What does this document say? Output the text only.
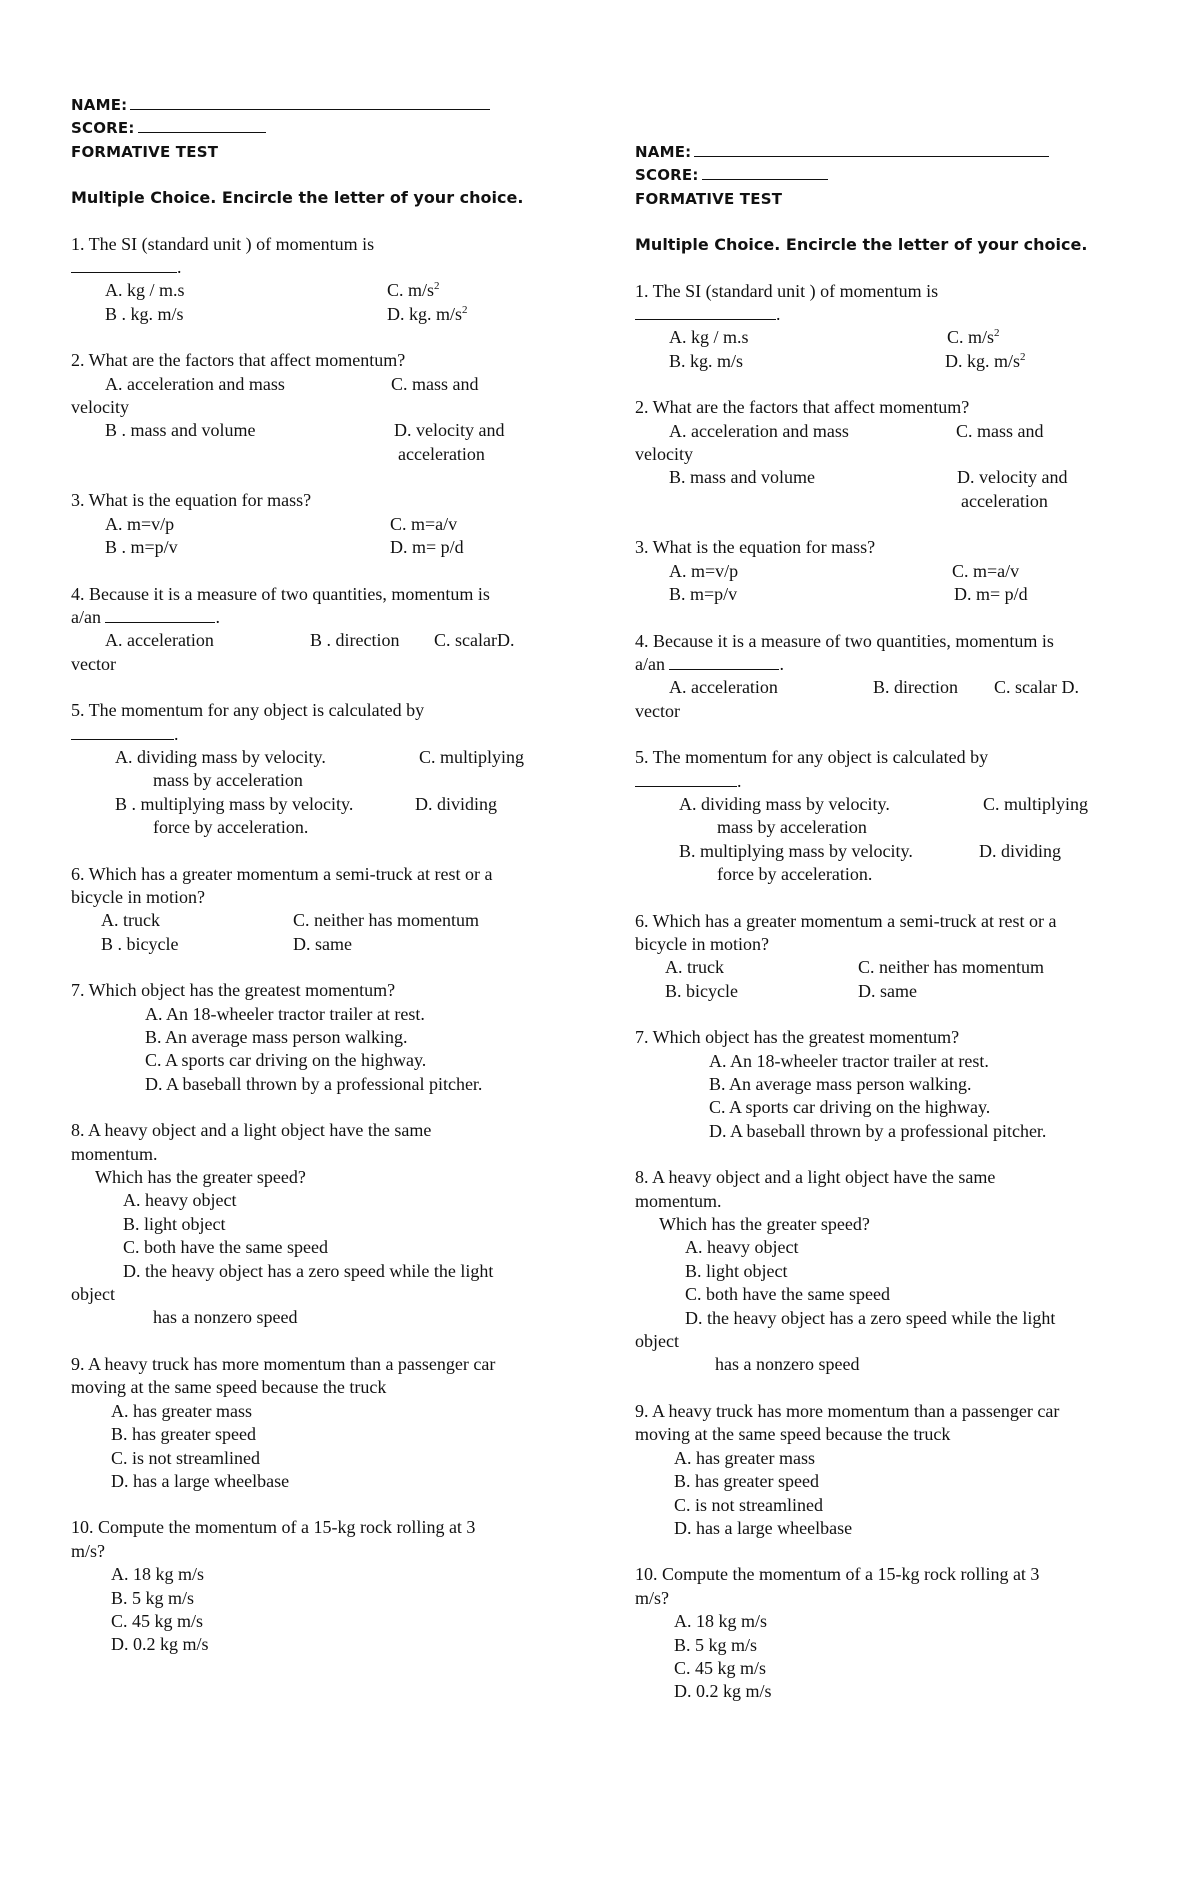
NAME:
SCORE:
FORMATIVE TEST
Multiple Choice. Encircle the letter of your choice.

1. The SI (standard unit ) of momentum is

.

A. kg / m.s	C. $m/s^2$
B . kg. m/s	D. kg. $m/s^2$

2. What are the factors that affect momentum?

A. acceleration and mass	C. mass and

velocity

B . mass and volume	D. velocity and

acceleration

3. What is the equation for mass?

A. m=v/p	C. m=a/v
B . m=p/v	D. m= p/d

4. Because it is a measure of two quantities, momentum is

a/an	.

A. acceleration	B . direction	C. scalarD.

vector

5. The momentum for any object is calculated by

.

A. dividing mass by velocity.	C. multiplying

mass by acceleration

B . multiplying mass by velocity.	D. dividing

force by acceleration.

6. Which has a greater momentum a semi-truck at rest or a

bicycle in motion?

A. truck	C. neither has momentum
B . bicycle	D. same

7. Which object has the greatest momentum?

A. An 18-wheeler tractor trailer at rest.

B. An average mass person walking.

C. A sports car driving on the highway.

D. A baseball thrown by a professional pitcher.

8. A heavy object and a light object have the same

momentum.

Which has the greater speed?

A. heavy object

B. light object

C. both have the same speed

D. the heavy object has a zero speed while the light

object

has a nonzero speed

9. A heavy truck has more momentum than a passenger car

moving at the same speed because the truck

A. has greater mass

B. has greater speed

C. is not streamlined

D. has a large wheelbase

10. Compute the momentum of a 15-kg rock rolling at 3

m/s?

A. 18 kg m/s

B. 5 kg m/s

C. 45 kg m/s

D. 0.2 kg m/s

NAME:
SCORE:
FORMATIVE TEST
Multiple Choice. Encircle the letter of your choice.

1. The SI (standard unit ) of momentum is

.

A. kg / m.s	C. $m/s^2$
B. kg. m/s	D. kg. $m/s^2$

2. What are the factors that affect momentum?

A. acceleration and mass	C. mass and

velocity

B. mass and volume	D. velocity and

acceleration

3. What is the equation for mass?

A. m=v/p	C. m=a/v
B. m=p/v	D. m= p/d

4. Because it is a measure of two quantities, momentum is

a/an	.

A. acceleration	B. direction	C. scalar D.

vector

5. The momentum for any object is calculated by

.

A. dividing mass by velocity.	C. multiplying

mass by acceleration

B. multiplying mass by velocity.	D. dividing

force by acceleration.

6. Which has a greater momentum a semi-truck at rest or a

bicycle in motion?

A. truck	C. neither has momentum
B. bicycle	D. same

7. Which object has the greatest momentum?

A. An 18-wheeler tractor trailer at rest.

B. An average mass person walking.

C. A sports car driving on the highway.

D. A baseball thrown by a professional pitcher.

8. A heavy object and a light object have the same

momentum.

Which has the greater speed?

A. heavy object

B. light object

C. both have the same speed

D. the heavy object has a zero speed while the light

object

has a nonzero speed

9. A heavy truck has more momentum than a passenger car

moving at the same speed because the truck

A. has greater mass

B. has greater speed

C. is not streamlined

D. has a large wheelbase

10. Compute the momentum of a 15-kg rock rolling at 3

m/s?

A. 18 kg m/s

B. 5 kg m/s

C. 45 kg m/s

D. 0.2 kg m/s
